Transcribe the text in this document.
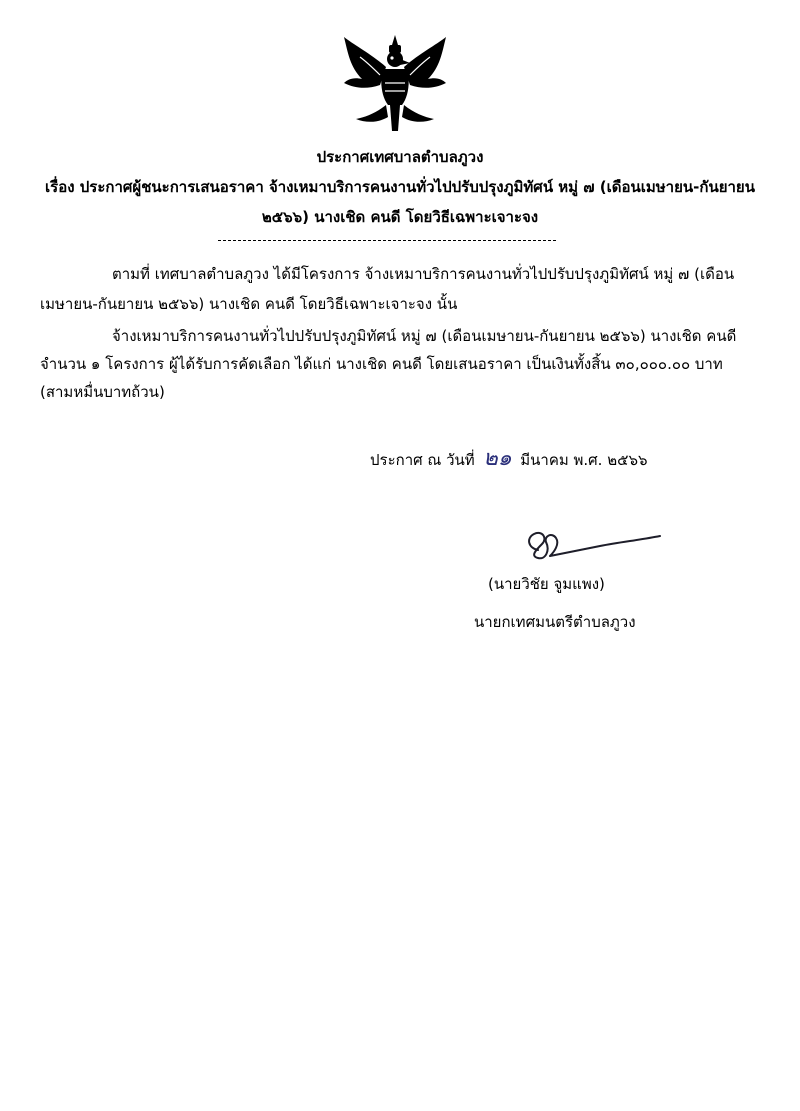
ประกาศเทศบาลตำบลภูวง
เรื่อง ประกาศผู้ชนะการเสนอราคา จ้างเหมาบริการคนงานทั่วไปปรับปรุงภูมิทัศน์ หมู่ ๗ (เดือนเมษายน-กันยายน
๒๕๖๖) นางเชิด คนดี โดยวิธีเฉพาะเจาะจง
ตามที่ เทศบาลตำบลภูวง ได้มีโครงการ จ้างเหมาบริการคนงานทั่วไปปรับปรุงภูมิทัศน์ หมู่ ๗ (เดือน
เมษายน-กันยายน ๒๕๖๖) นางเชิด คนดี โดยวิธีเฉพาะเจาะจง นั้น
จ้างเหมาบริการคนงานทั่วไปปรับปรุงภูมิทัศน์ หมู่ ๗ (เดือนเมษายน-กันยายน ๒๕๖๖) นางเชิด คนดี
จำนวน ๑ โครงการ ผู้ได้รับการคัดเลือก ได้แก่ นางเชิด คนดี โดยเสนอราคา เป็นเงินทั้งสิ้น ๓๐,๐๐๐.๐๐ บาท
(สามหมื่นบาทถ้วน)
ประกาศ ณ วันที่ ๒๑ มีนาคม พ.ศ. ๒๕๖๖
(นายวิชัย จูมแพง)
นายกเทศมนตรีตำบลภูวง
